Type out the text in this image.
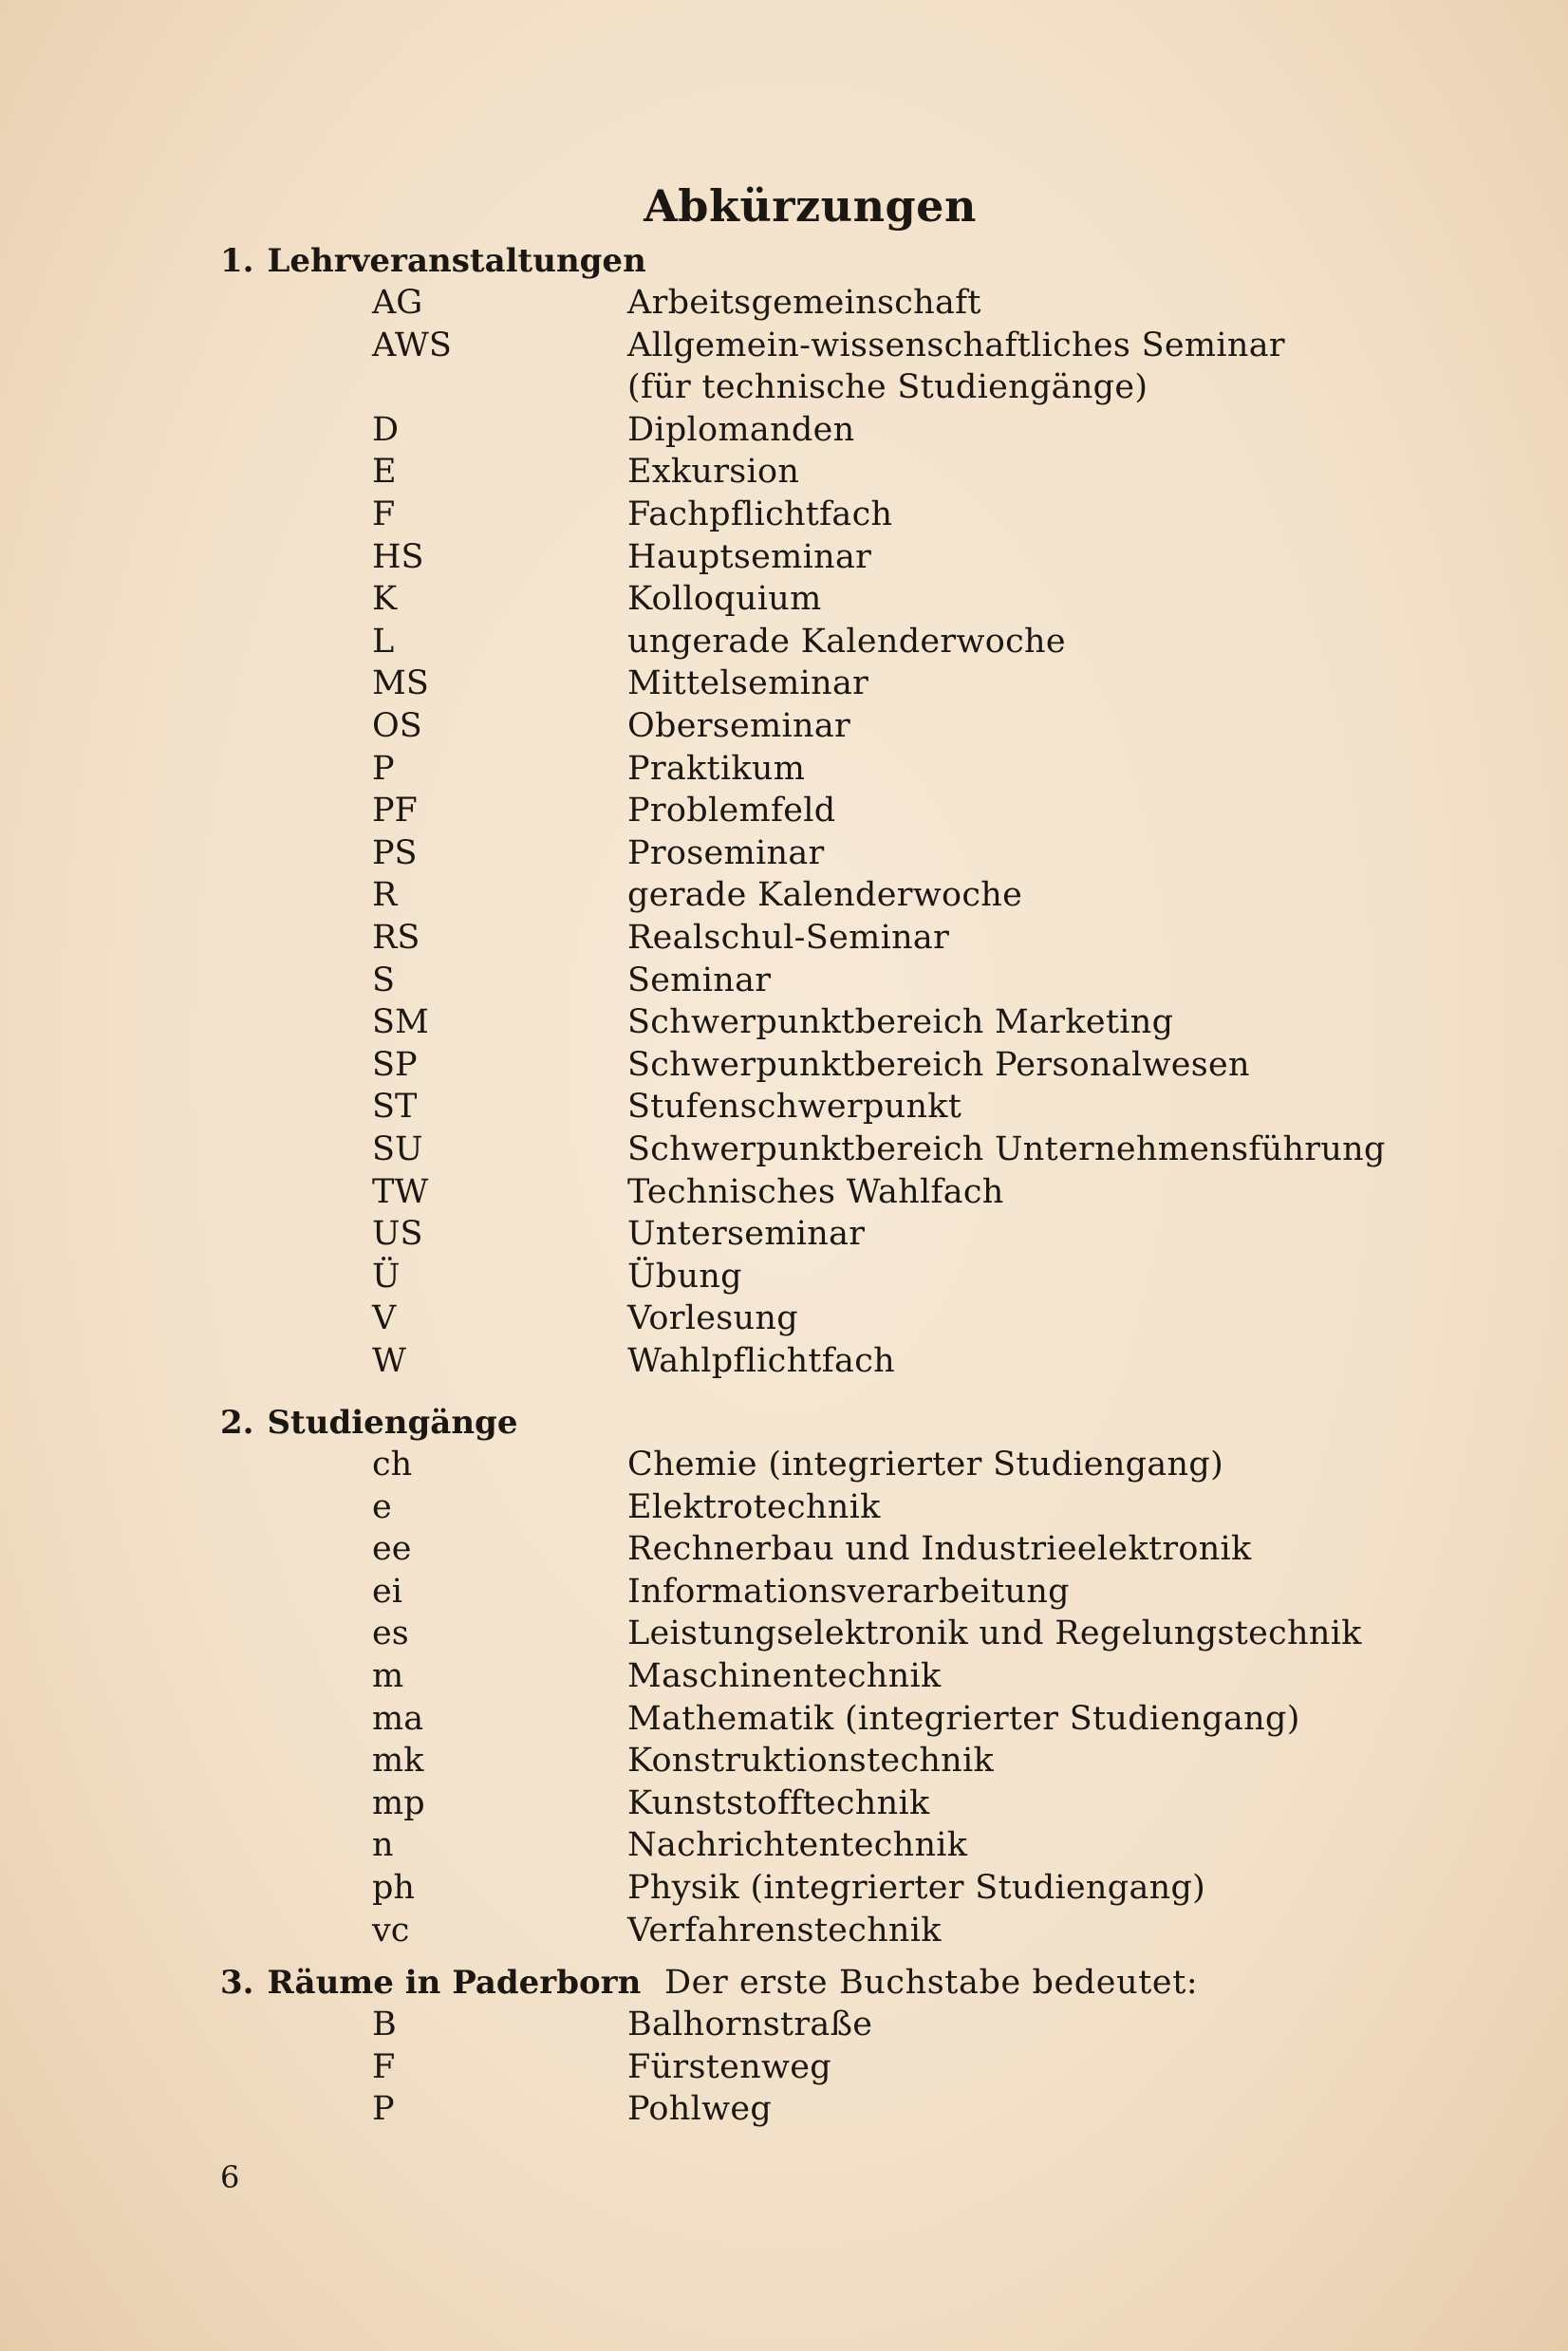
Abkürzungen
1. Lehrveranstaltungen
AG	Arbeitsgemeinschaft
AWS	Allgemein-wissenschaftliches Seminar
(für technische Studiengänge)
D	Diplomanden
E	Exkursion
F	Fachpflichtfach
HS	Hauptseminar
K	Kolloquium
L	ungerade Kalenderwoche
MS	Mittelseminar
OS	Oberseminar
P	Praktikum
PF	Problemfeld
PS	Proseminar
R	gerade Kalenderwoche
RS	Realschul-Seminar
S	Seminar
SM	Schwerpunktbereich Marketing
SP	Schwerpunktbereich Personalwesen
ST	Stufenschwerpunkt
SU	Schwerpunktbereich Unternehmensführung
TW	Technisches Wahlfach
US	Unterseminar
Ü	Übung
V	Vorlesung
W	Wahlpflichtfach
2. Studiengänge
ch	Chemie (integrierter Studiengang)
e	Elektrotechnik
ee	Rechnerbau und Industrieelektronik
ei	Informationsverarbeitung
es	Leistungselektronik und Regelungstechnik
m	Maschinentechnik
ma	Mathematik (integrierter Studiengang)
mk	Konstruktionstechnik
mp	Kunststofftechnik
n	Nachrichtentechnik
ph	Physik (integrierter Studiengang)
vc	Verfahrenstechnik
3. Räume in Paderborn Der erste Buchstabe bedeutet:
B	Balhornstraße
F	Fürstenweg
P	Pohlweg
6
